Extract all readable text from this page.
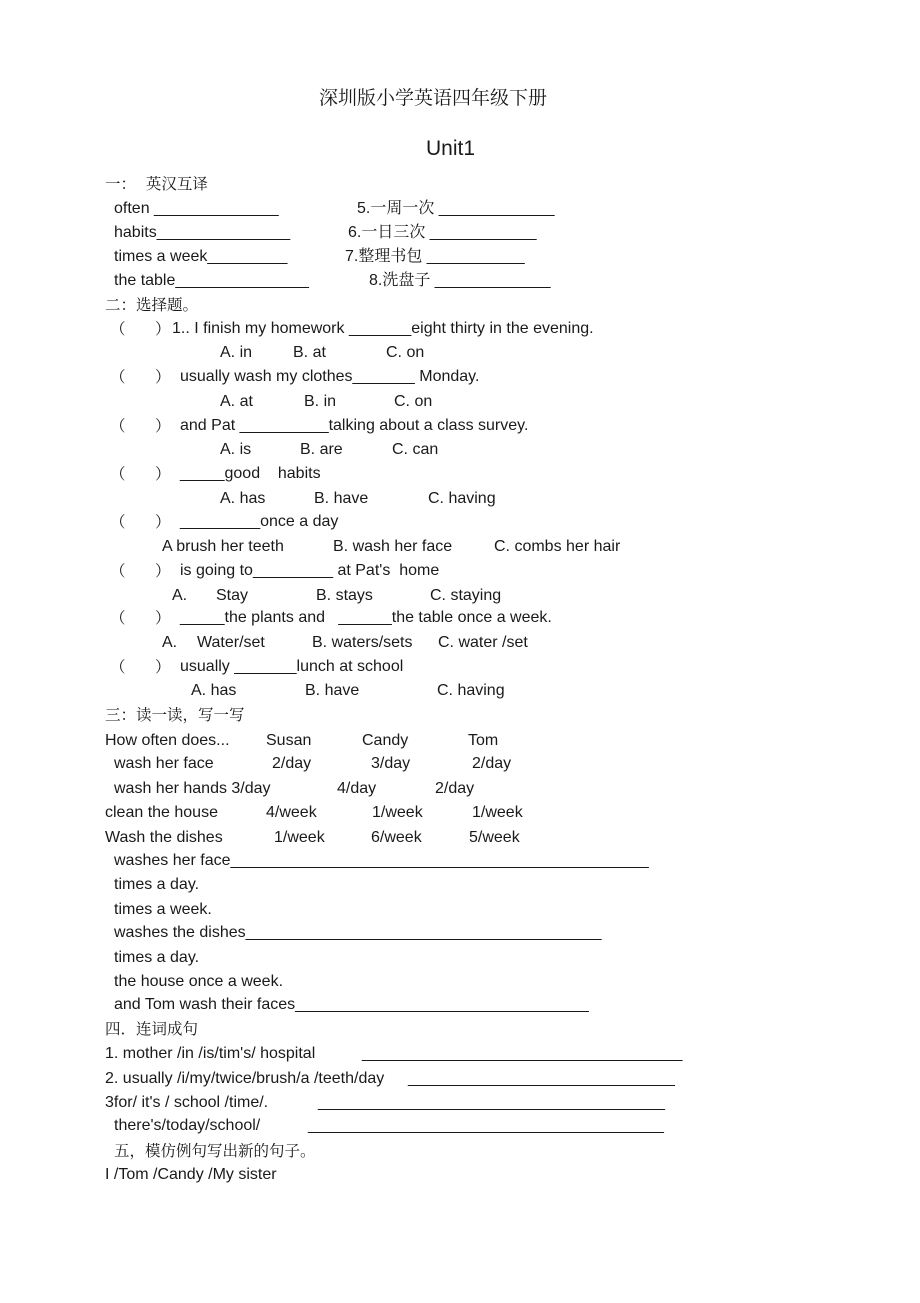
深圳版小学英语四年级下册
Unit1
一：  英汉互译
often ______________	5.一周一次 _____________
habits_______________	6.一日三次 ____________
times a week_________	7.整理书包 ___________
the table_______________	8.洗盘子 _____________
二：选择题。
（      ） 1.. I finish my homework _______eight thirty in the evening.
A. in	B. at	C. on
（      ） usually wash my clothes_______ Monday.
A. at	B. in	C. on
（      ） and Pat __________talking about a class survey.
A. is	B. are	C. can
（      ） _____good    habits
A. has	B. have	C. having
（      ） _________once a day
A brush her teeth	B. wash her face	C. combs her hair
（      ） is going to_________ at Pat's  home
A. Stay	B. stays	C. staying
（      ） _____the plants and   ______the table once a week.
A. Water/set	B. waters/sets C. water /set
（      ） usually _______lunch at school
A. has	B. have	C. having
三：读一读，写一写
How often does... Susan	Candy	Tom
wash her face	2/day	3/day	2/day
wash her hands 3/day	4/day	2/day
clean the house	4/week	1/week	1/week
Wash the dishes	1/week	6/week	5/week
washes her face_______________________________________________
times a day.
times a week.
washes the dishes________________________________________
times a day.
the house once a week.
and Tom wash their faces_________________________________
四．连词成句
1. mother /in /is/tim's/ hospital	____________________________________
2. usually /i/my/twice/brush/a /teeth/day ______________________________
3for/ it's / school /time/.	_______________________________________
there's/today/school/	________________________________________
五，模仿例句写出新的句子。
I /Tom /Candy /My sister
